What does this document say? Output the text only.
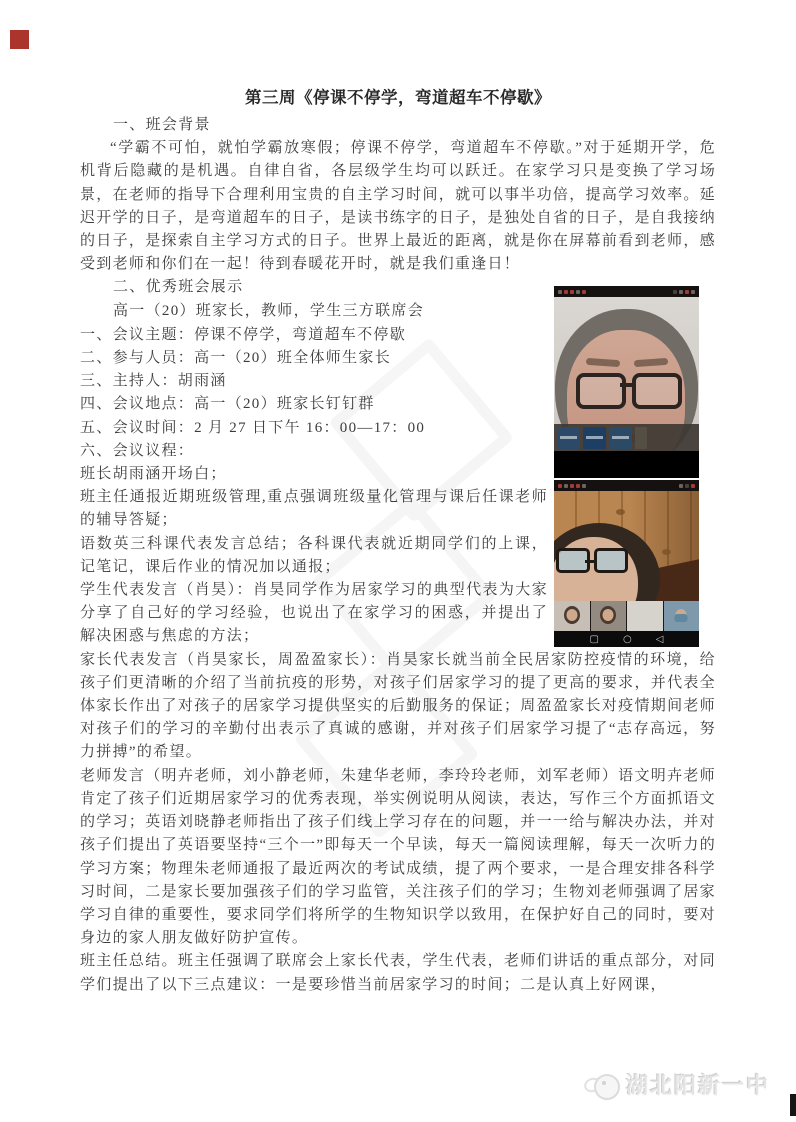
第三周《停课不停学，弯道超车不停歇》

一、班会背景

“学霸不可怕，就怕学霸放寒假；停课不停学，弯道超车不停歇。”对于延期开学，危机背后隐藏的是机遇。自律自省，各层级学生均可以跃迁。在家学习只是变换了学习场景，在老师的指导下合理利用宝贵的自主学习时间，就可以事半功倍，提高学习效率。延迟开学的日子，是弯道超车的日子，是读书练字的日子，是独处自省的日子，是自我接纳的日子，是探索自主学习方式的日子。世界上最近的距离，就是你在屏幕前看到老师，感受到老师和你们在一起！待到春暖花开时，就是我们重逢日！

▢ ○ ◁

二、优秀班会展示

高一（20）班家长，教师，学生三方联席会

一、会议主题：停课不停学，弯道超车不停歇

二、参与人员：高一（20）班全体师生家长

三、主持人：胡雨涵

四、会议地点：高一（20）班家长钉钉群

五、会议时间：2 月 27 日下午 16：00—17：00

六、会议议程：

班长胡雨涵开场白；

班主任通报近期班级管理,重点强调班级量化管理与课后任课老师的辅导答疑；

语数英三科课代表发言总结；各科课代表就近期同学们的上课，记笔记，课后作业的情况加以通报；

学生代表发言（肖昊）：肖昊同学作为居家学习的典型代表为大家分享了自己好的学习经验，也说出了在家学习的困惑，并提出了解决困惑与焦虑的方法；

家长代表发言（肖昊家长，周盈盈家长）：肖昊家长就当前全民居家防控疫情的环境，给孩子们更清晰的介绍了当前抗疫的形势，对孩子们居家学习的提了更高的要求，并代表全体家长作出了对孩子的居家学习提供坚实的后勤服务的保证；周盈盈家长对疫情期间老师对孩子们的学习的辛勤付出表示了真诚的感谢，并对孩子们居家学习提了“志存高远，努力拼搏”的希望。

老师发言（明卉老师，刘小静老师，朱建华老师，李玲玲老师，刘军老师）语文明卉老师肯定了孩子们近期居家学习的优秀表现，举实例说明从阅读，表达，写作三个方面抓语文的学习；英语刘晓静老师指出了孩子们线上学习存在的问题，并一一给与解决办法，并对孩子们提出了英语要坚持“三个一”即每天一个早读，每天一篇阅读理解，每天一次听力的学习方案；物理朱老师通报了最近两次的考试成绩，提了两个要求，一是合理安排各科学习时间，二是家长要加强孩子们的学习监管，关注孩子们的学习；生物刘老师强调了居家学习自律的重要性，要求同学们将所学的生物知识学以致用，在保护好自己的同时，要对身边的家人朋友做好防护宣传。

班主任总结。班主任强调了联席会上家长代表，学生代表，老师们讲话的重点部分，对同学们提出了以下三点建议：一是要珍惜当前居家学习的时间；二是认真上好网课，

湖北阳新一中
